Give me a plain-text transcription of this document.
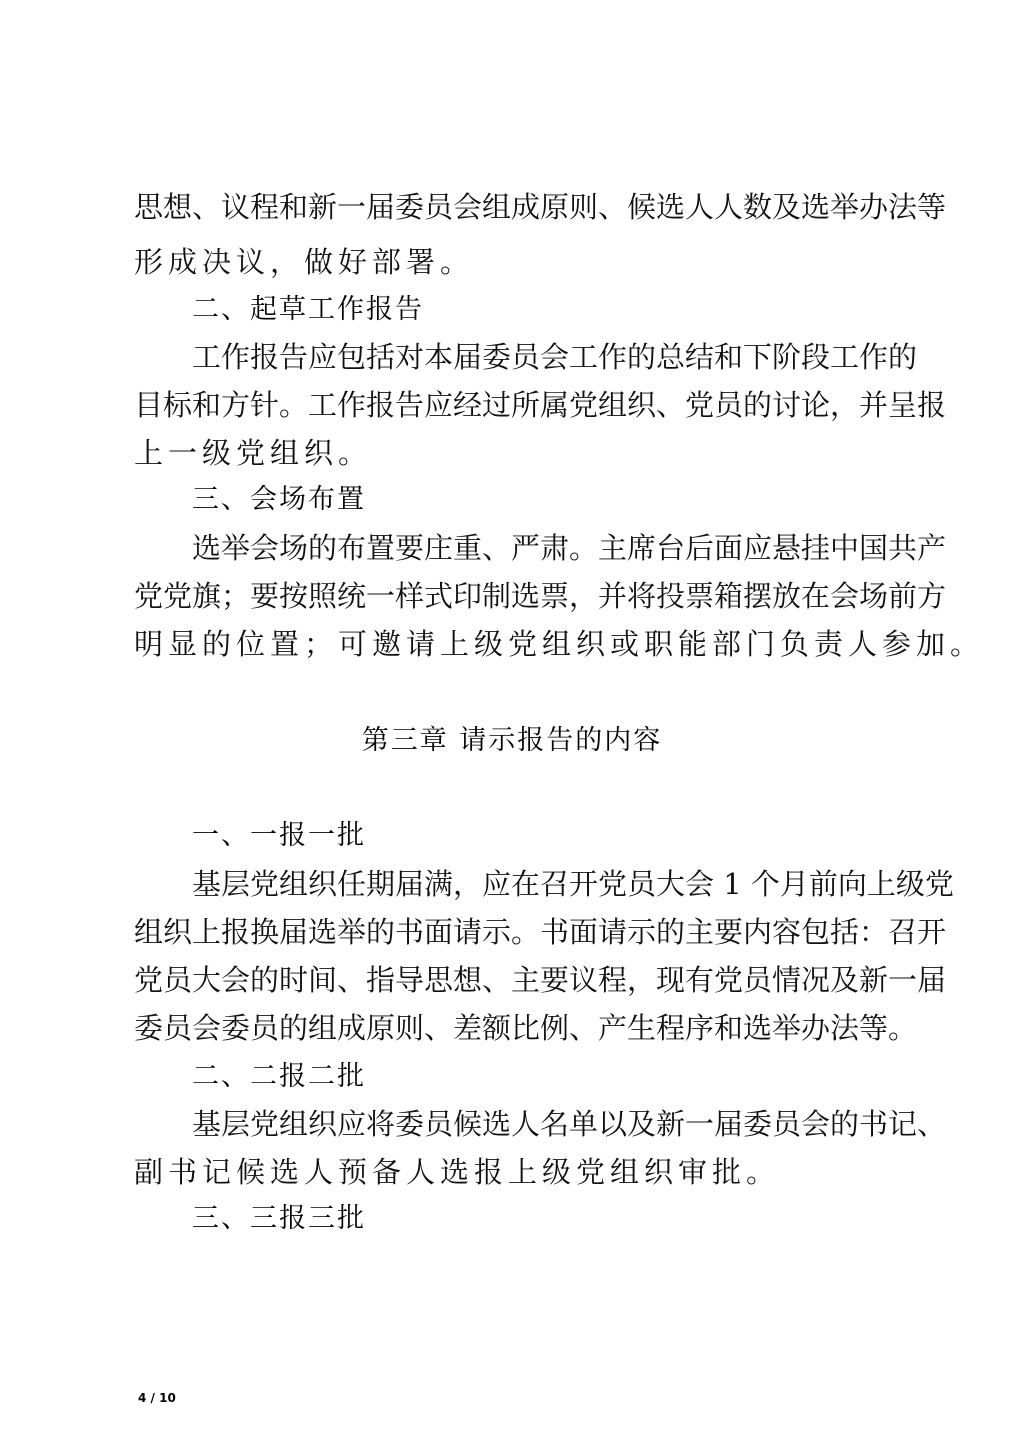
思想、议程和新一届委员会组成原则、候选人人数及选举办法等
形成决议，做好部署。
二、起草工作报告
工作报告应包括对本届委员会工作的总结和下阶段工作的
目标和方针。工作报告应经过所属党组织、党员的讨论，并呈报
上一级党组织。
三、会场布置
选举会场的布置要庄重、严肃。主席台后面应悬挂中国共产
党党旗；要按照统一样式印制选票，并将投票箱摆放在会场前方
明显的位置；可邀请上级党组织或职能部门负责人参加。
第三章 请示报告的内容
一、一报一批
基层党组织任期届满，应在召开党员大会 1 个月前向上级党
组织上报换届选举的书面请示。书面请示的主要内容包括：召开
党员大会的时间、指导思想、主要议程，现有党员情况及新一届
委员会委员的组成原则、差额比例、产生程序和选举办法等。
二、二报二批
基层党组织应将委员候选人名单以及新一届委员会的书记、
副书记候选人预备人选报上级党组织审批。
三、三报三批
4 / 10
